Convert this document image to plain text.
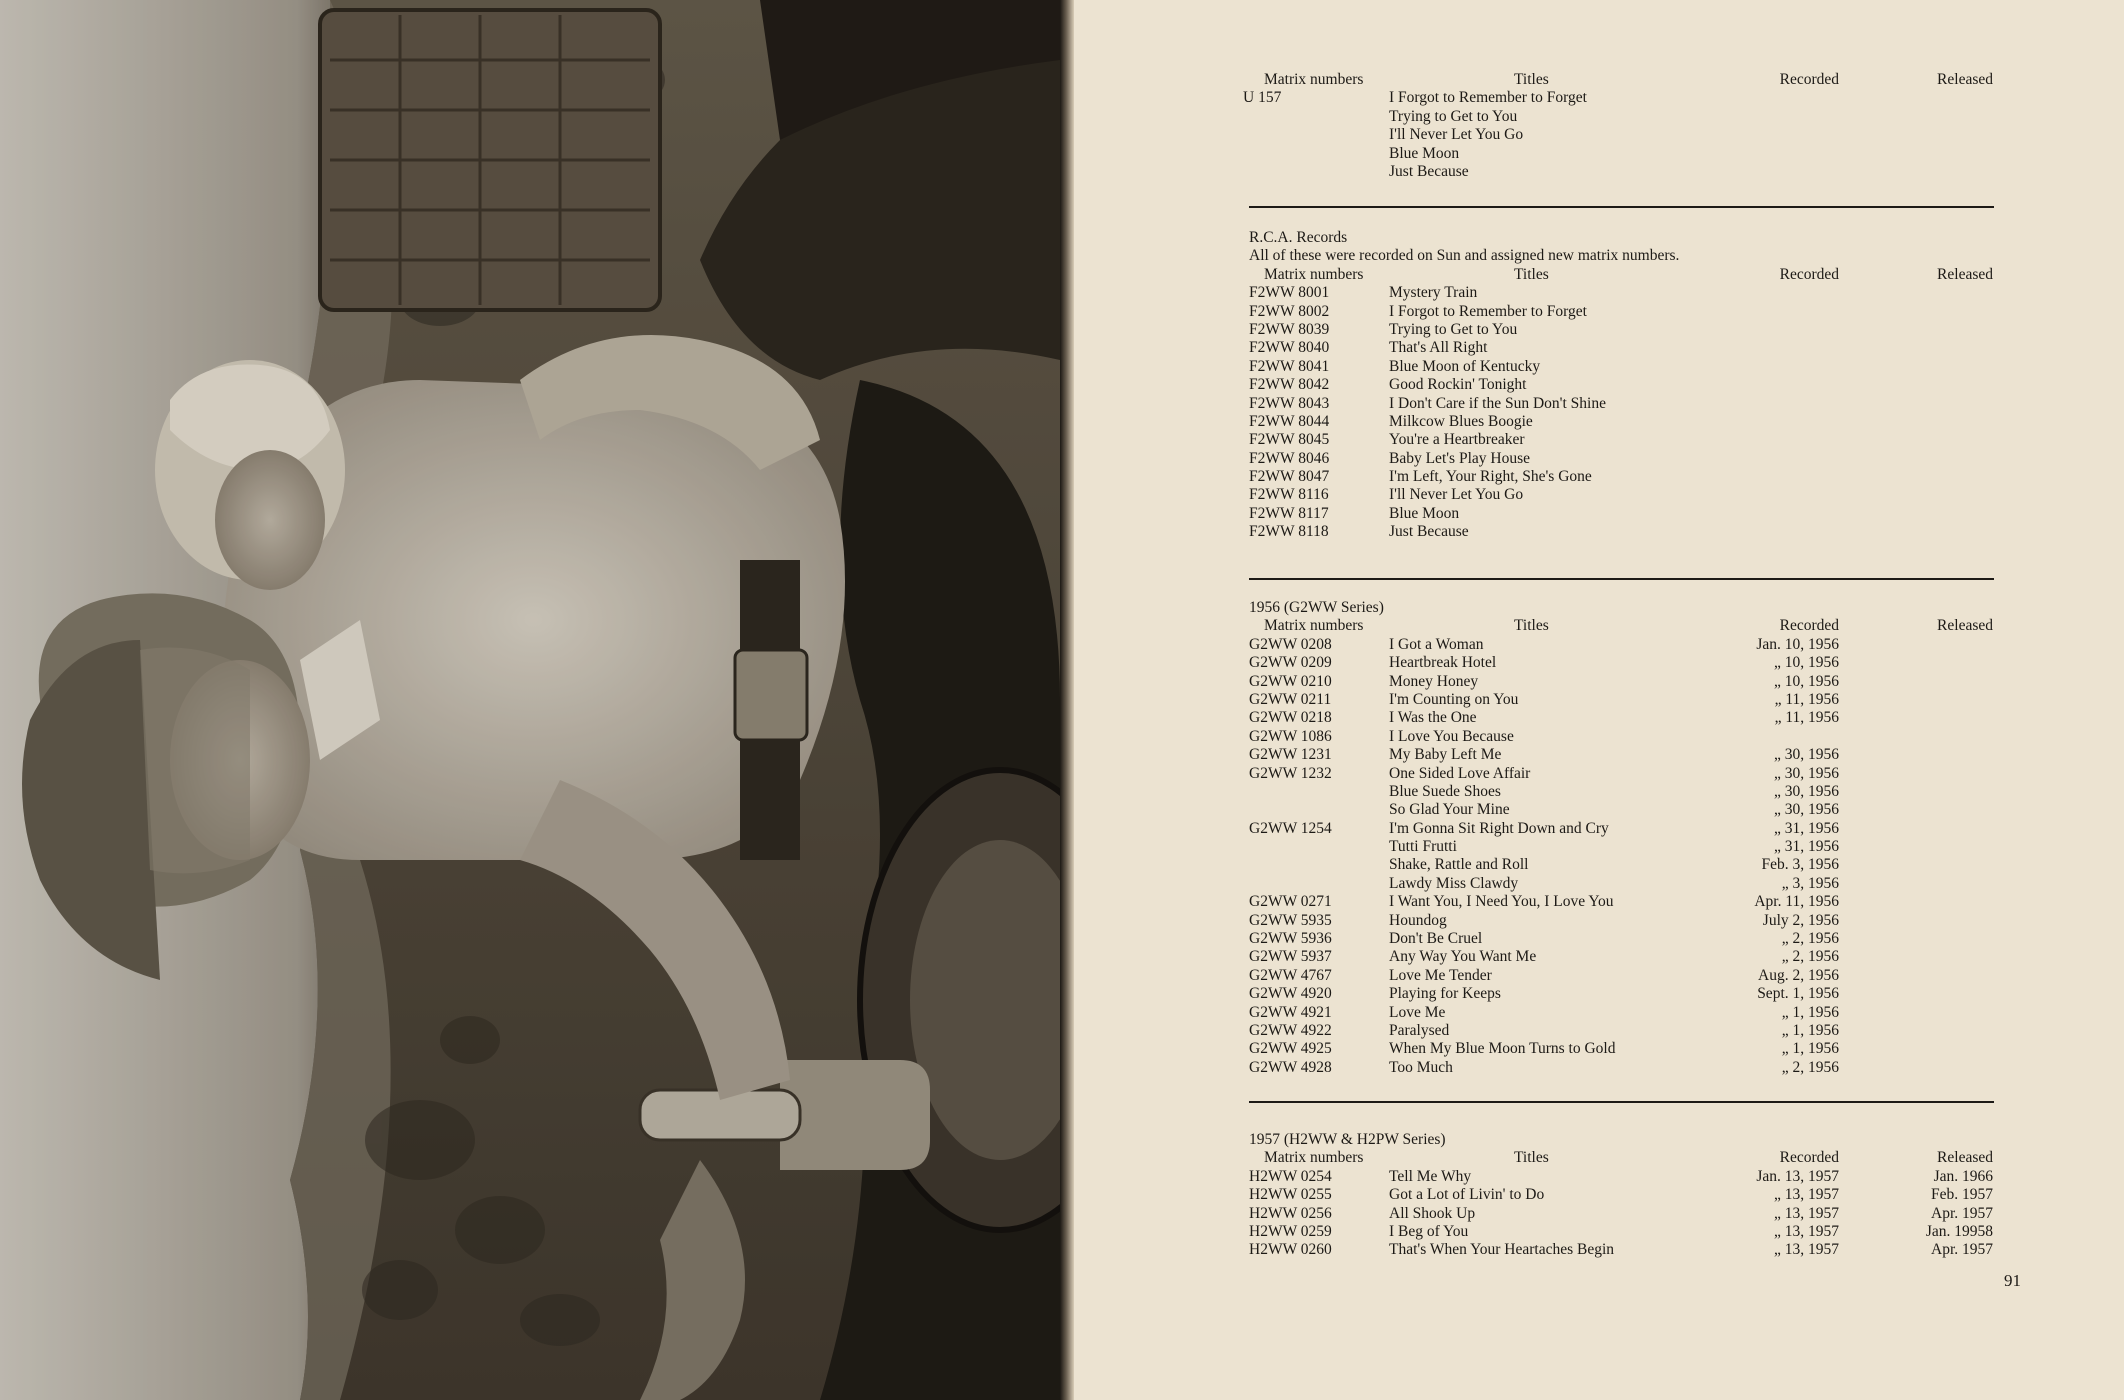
Matrix numbers	Titles	Recorded	Released
U 157	I Forgot to Remember to Forget
Trying to Get to You
I'll Never Let You Go
Blue Moon
Just Because
R.C.A. Records
All of these were recorded on Sun and assigned new matrix numbers.
Matrix numbers	Titles	Recorded	Released
F2WW 8001	Mystery Train
F2WW 8002	I Forgot to Remember to Forget
F2WW 8039	Trying to Get to You
F2WW 8040	That's All Right
F2WW 8041	Blue Moon of Kentucky
F2WW 8042	Good Rockin' Tonight
F2WW 8043	I Don't Care if the Sun Don't Shine
F2WW 8044	Milkcow Blues Boogie
F2WW 8045	You're a Heartbreaker
F2WW 8046	Baby Let's Play House
F2WW 8047	I'm Left, Your Right, She's Gone
F2WW 8116	I'll Never Let You Go
F2WW 8117	Blue Moon
F2WW 8118	Just Because
1956 (G2WW Series)
Matrix numbers	Titles	Recorded	Released
G2WW 0208	I Got a Woman	Jan. 10, 1956
G2WW 0209	Heartbreak Hotel	„ 10, 1956
G2WW 0210	Money Honey	„ 10, 1956
G2WW 0211	I'm Counting on You	„ 11, 1956
G2WW 0218	I Was the One	„ 11, 1956
G2WW 1086	I Love You Because
G2WW 1231	My Baby Left Me	„ 30, 1956
G2WW 1232	One Sided Love Affair	„ 30, 1956
Blue Suede Shoes	„ 30, 1956
So Glad Your Mine	„ 30, 1956
G2WW 1254	I'm Gonna Sit Right Down and Cry	„ 31, 1956
Tutti Frutti	„ 31, 1956
Shake, Rattle and Roll	Feb. 3, 1956
Lawdy Miss Clawdy	„ 3, 1956
G2WW 0271	I Want You, I Need You, I Love You	Apr. 11, 1956
G2WW 5935	Houndog	July 2, 1956
G2WW 5936	Don't Be Cruel	„ 2, 1956
G2WW 5937	Any Way You Want Me	„ 2, 1956
G2WW 4767	Love Me Tender	Aug. 2, 1956
G2WW 4920	Playing for Keeps	Sept. 1, 1956
G2WW 4921	Love Me	„ 1, 1956
G2WW 4922	Paralysed	„ 1, 1956
G2WW 4925	When My Blue Moon Turns to Gold	„ 1, 1956
G2WW 4928	Too Much	„ 2, 1956
1957 (H2WW & H2PW Series)
Matrix numbers	Titles	Recorded	Released
H2WW 0254	Tell Me Why	Jan. 13, 1957	Jan. 1966
H2WW 0255	Got a Lot of Livin' to Do	„ 13, 1957	Feb. 1957
H2WW 0256	All Shook Up	„ 13, 1957	Apr. 1957
H2WW 0259	I Beg of You	„ 13, 1957	Jan. 19958
H2WW 0260	That's When Your Heartaches Begin	„ 13, 1957	Apr. 1957
91
